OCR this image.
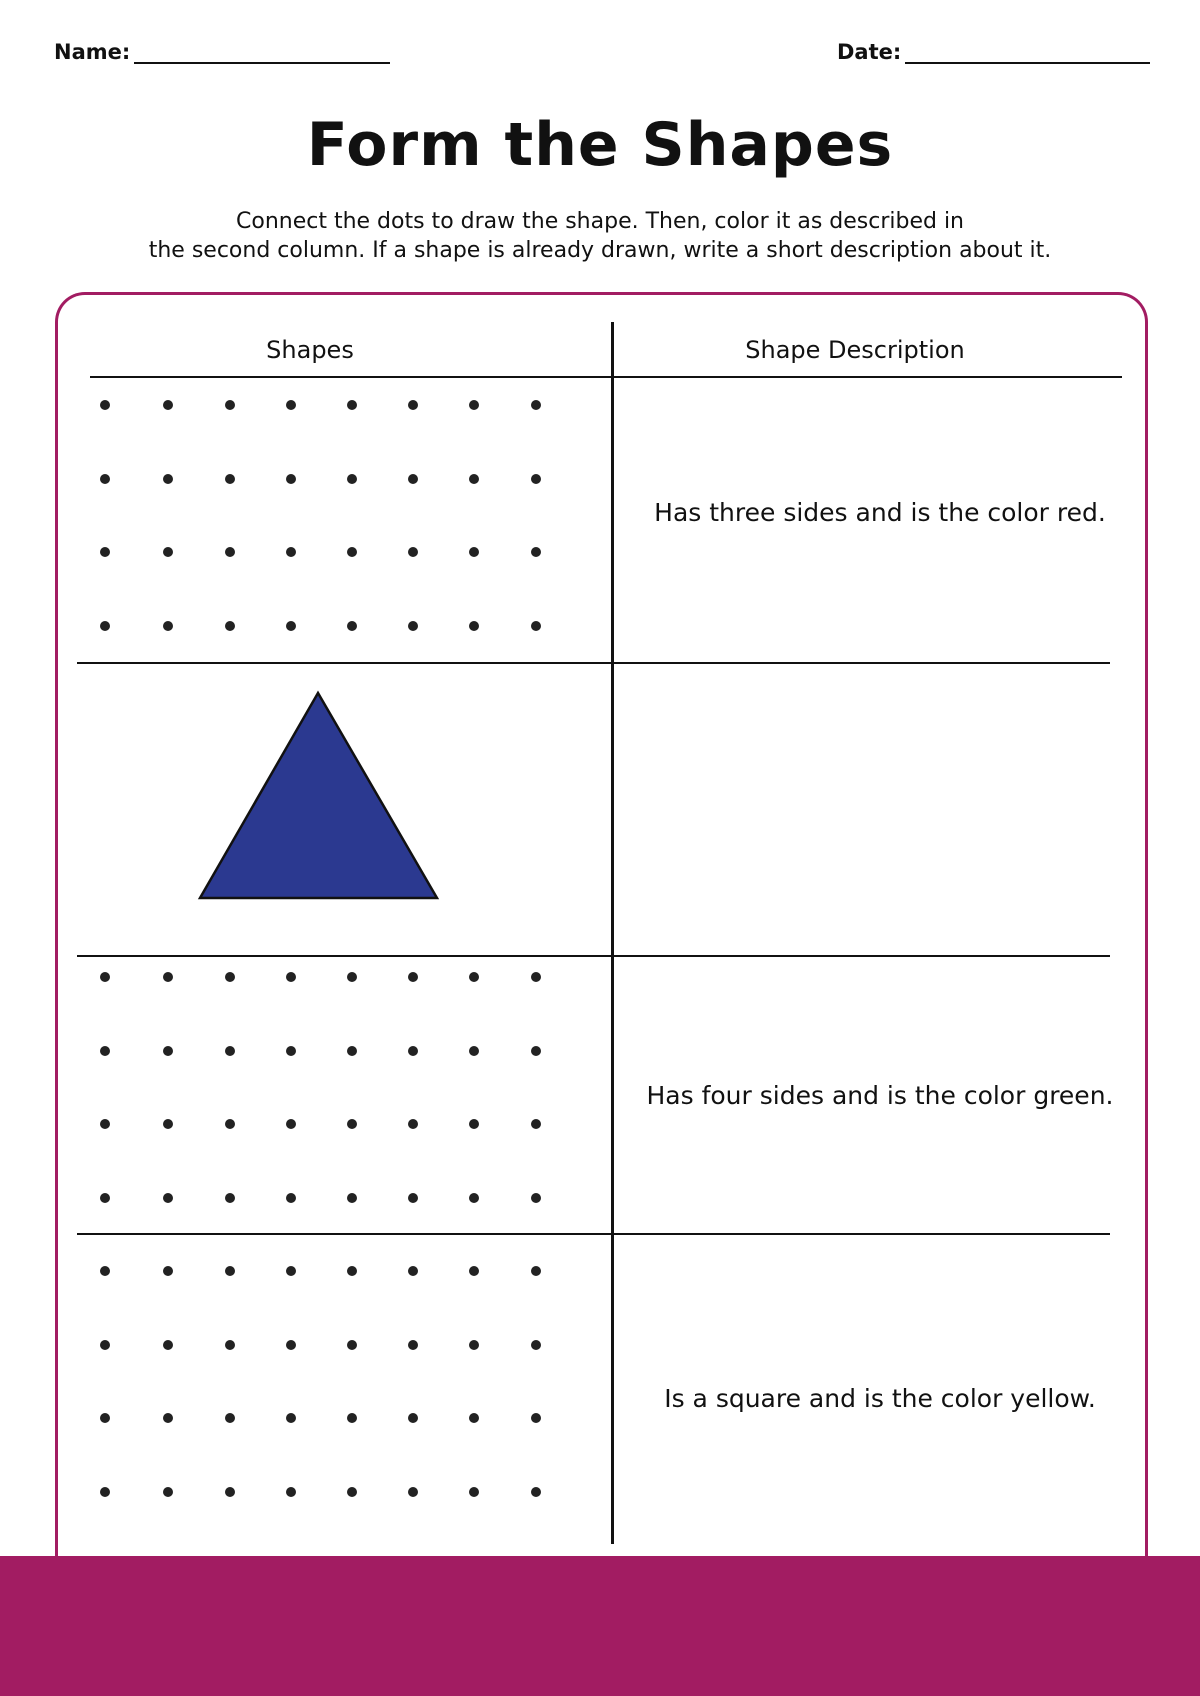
Name:	Date:
Form the Shapes
Connect the dots to draw the shape. Then, color it as described in
the second column. If a shape is already drawn, write a short description about it.
Shapes	Shape Description
Has three sides and is the color red.
Has four sides and is the color green.
Is a square and is the color yellow.
